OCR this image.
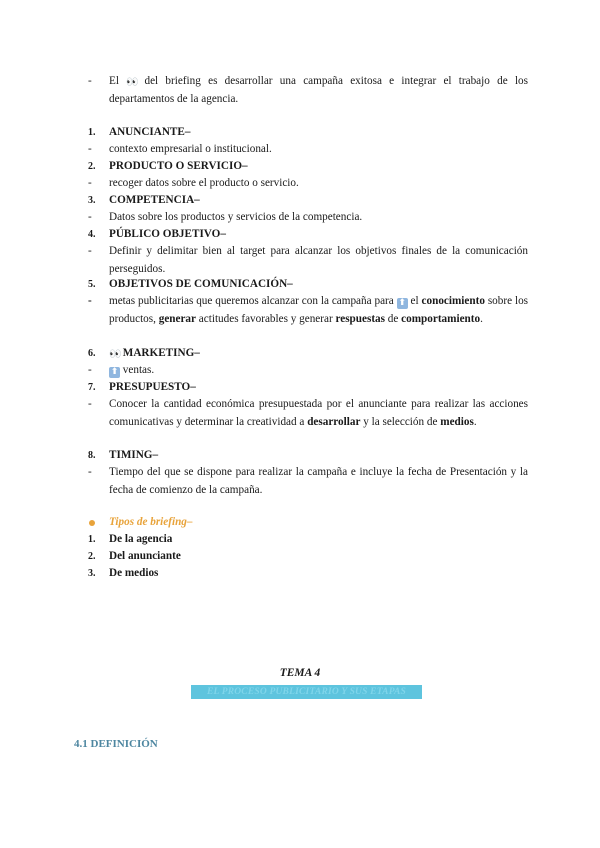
-	El 👀 del briefing es desarrollar una campaña exitosa e integrar el trabajo de los departamentos de la agencia.
1.	ANUNCIANTE–
-	contexto empresarial o institucional.
2.	PRODUCTO O SERVICIO–
-	recoger datos sobre el producto o servicio.
3.	COMPETENCIA–
-	Datos sobre los productos y servicios de la competencia.
4.	PÚBLICO OBJETIVO–
-	Definir y delimitar bien al target para alcanzar los objetivos finales de la comunicación perseguidos.
5.	OBJETIVOS DE COMUNICACIÓN–
-	metas publicitarias que queremos alcanzar con la campaña para ⬆ el conocimiento sobre los productos, generar actitudes favorables y generar respuestas de comportamiento.
6.	👀 MARKETING–
-	⬆ ventas.
7.	PRESUPUESTO–
-	Conocer la cantidad económica presupuestada por el anunciante para realizar las acciones comunicativas y determinar la creatividad a desarrollar y la selección de medios.
8.	TIMING–
-	Tiempo del que se dispone para realizar la campaña e incluye la fecha de Presentación y la fecha de comienzo de la campaña.
Tipos de briefing–
1.	De la agencia
2.	Del anunciante
3.	De medios
TEMA 4
EL PROCESO PUBLICITARIO Y SUS ETAPAS
4.1 DEFINICIÓN
